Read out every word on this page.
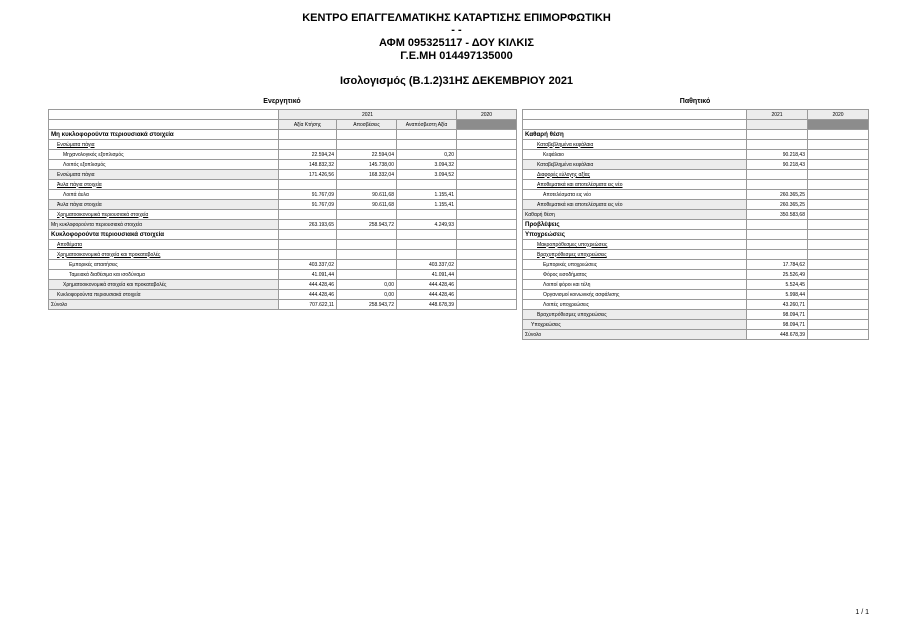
ΚΕΝΤΡΟ ΕΠΑΓΓΕΛΜΑΤΙΚΗΣ ΚΑΤΑΡΤΙΣΗΣ ΕΠΙΜΟΡΦΩΤΙΚΗ
- -
ΑΦΜ 095325117 - ΔΟΥ ΚΙΛΚΙΣ
Γ.Ε.ΜΗ 014497135000
Ισολογισμός (Β.1.2)31ΗΣ ΔΕΚΕΜΒΡΙΟΥ 2021
Ενεργητικό
	2021			2020
	Αξία Κτήσης	Αποσβέσεις	Αναπόσβεστη Αξία	
Μη κυκλοφορούντα περιουσιακά στοιχεία				
Ενσώματα πάγια				
Μηχανολογικός εξοπλισμός	22.594,24	22.594,04	0,20	
Λοιπός εξοπλισμός	148.832,32	145.738,00	3.094,32	
Ενσώματα πάγια	171.426,56	168.332,04	3.094,52	
Άυλα πάγια στοιχεία				
Λοιπά άυλα	91.767,09	90.611,68	1.155,41	
Άυλα πάγια στοιχεία	91.767,09	90.611,68	1.155,41	
Χρηματοοικονομικά περιουσιακά στοιχεία				
Μη κυκλοφορούντα περιουσιακά στοιχεία	263.193,65	258.943,72	4.249,93	
Κυκλοφορούντα περιουσιακά στοιχεία				
Αποθέματα				
Χρηματοοικονομικά στοιχεία και προκαταβολές				
Εμπορικές απαιτήσεις	403.337,02		403.337,02	
Ταμειακά διαθέσιμα και ισοδύναμα	41.091,44		41.091,44	
Χρηματοοικονομικά στοιχεία και προκαταβολές	444.428,46	0,00	444.428,46	
Κυκλοφορούντα περιουσιακά στοιχεία	444.428,46	0,00	444.428,46	
Σύνολο	707.622,11	258.943,72	448.678,39	
Παθητικό
	2021	2020

Καθαρή θέση		
Καταβεβλημένα κεφάλαια		
Κεφάλαιο	90.218,43	
Καταβεβλημένα κεφάλαια	90.218,43	
Διαφορές εύλογης αξίας		
Αποθεματικά και αποτελέσματα εις νέο		
Αποτελέσματα εις νέο	260.365,25	
Αποθεματικά και αποτελέσματα εις νέο	260.365,25	
Καθαρή θέση	350.583,68	
Προβλέψεις		
Υποχρεώσεις		
Μακροπρόθεσμες υποχρεώσεις		
Βραχυπρόθεσμες υποχρεώσεις		
Εμπορικές υποχρεώσεις	17.784,62	
Φόρος εισοδήματος	25.526,49	
Λοιποί φόροι και τέλη	5.524,45	
Οργανισμοί κοινωνικής ασφάλισης	5.998,44	
Λοιπές υποχρεώσεις	43.260,71	
Βραχυπρόθεσμες υποχρεώσεις	98.094,71	
Υποχρεώσεις	98.094,71	
Σύνολο	448.678,39	
1 / 1
